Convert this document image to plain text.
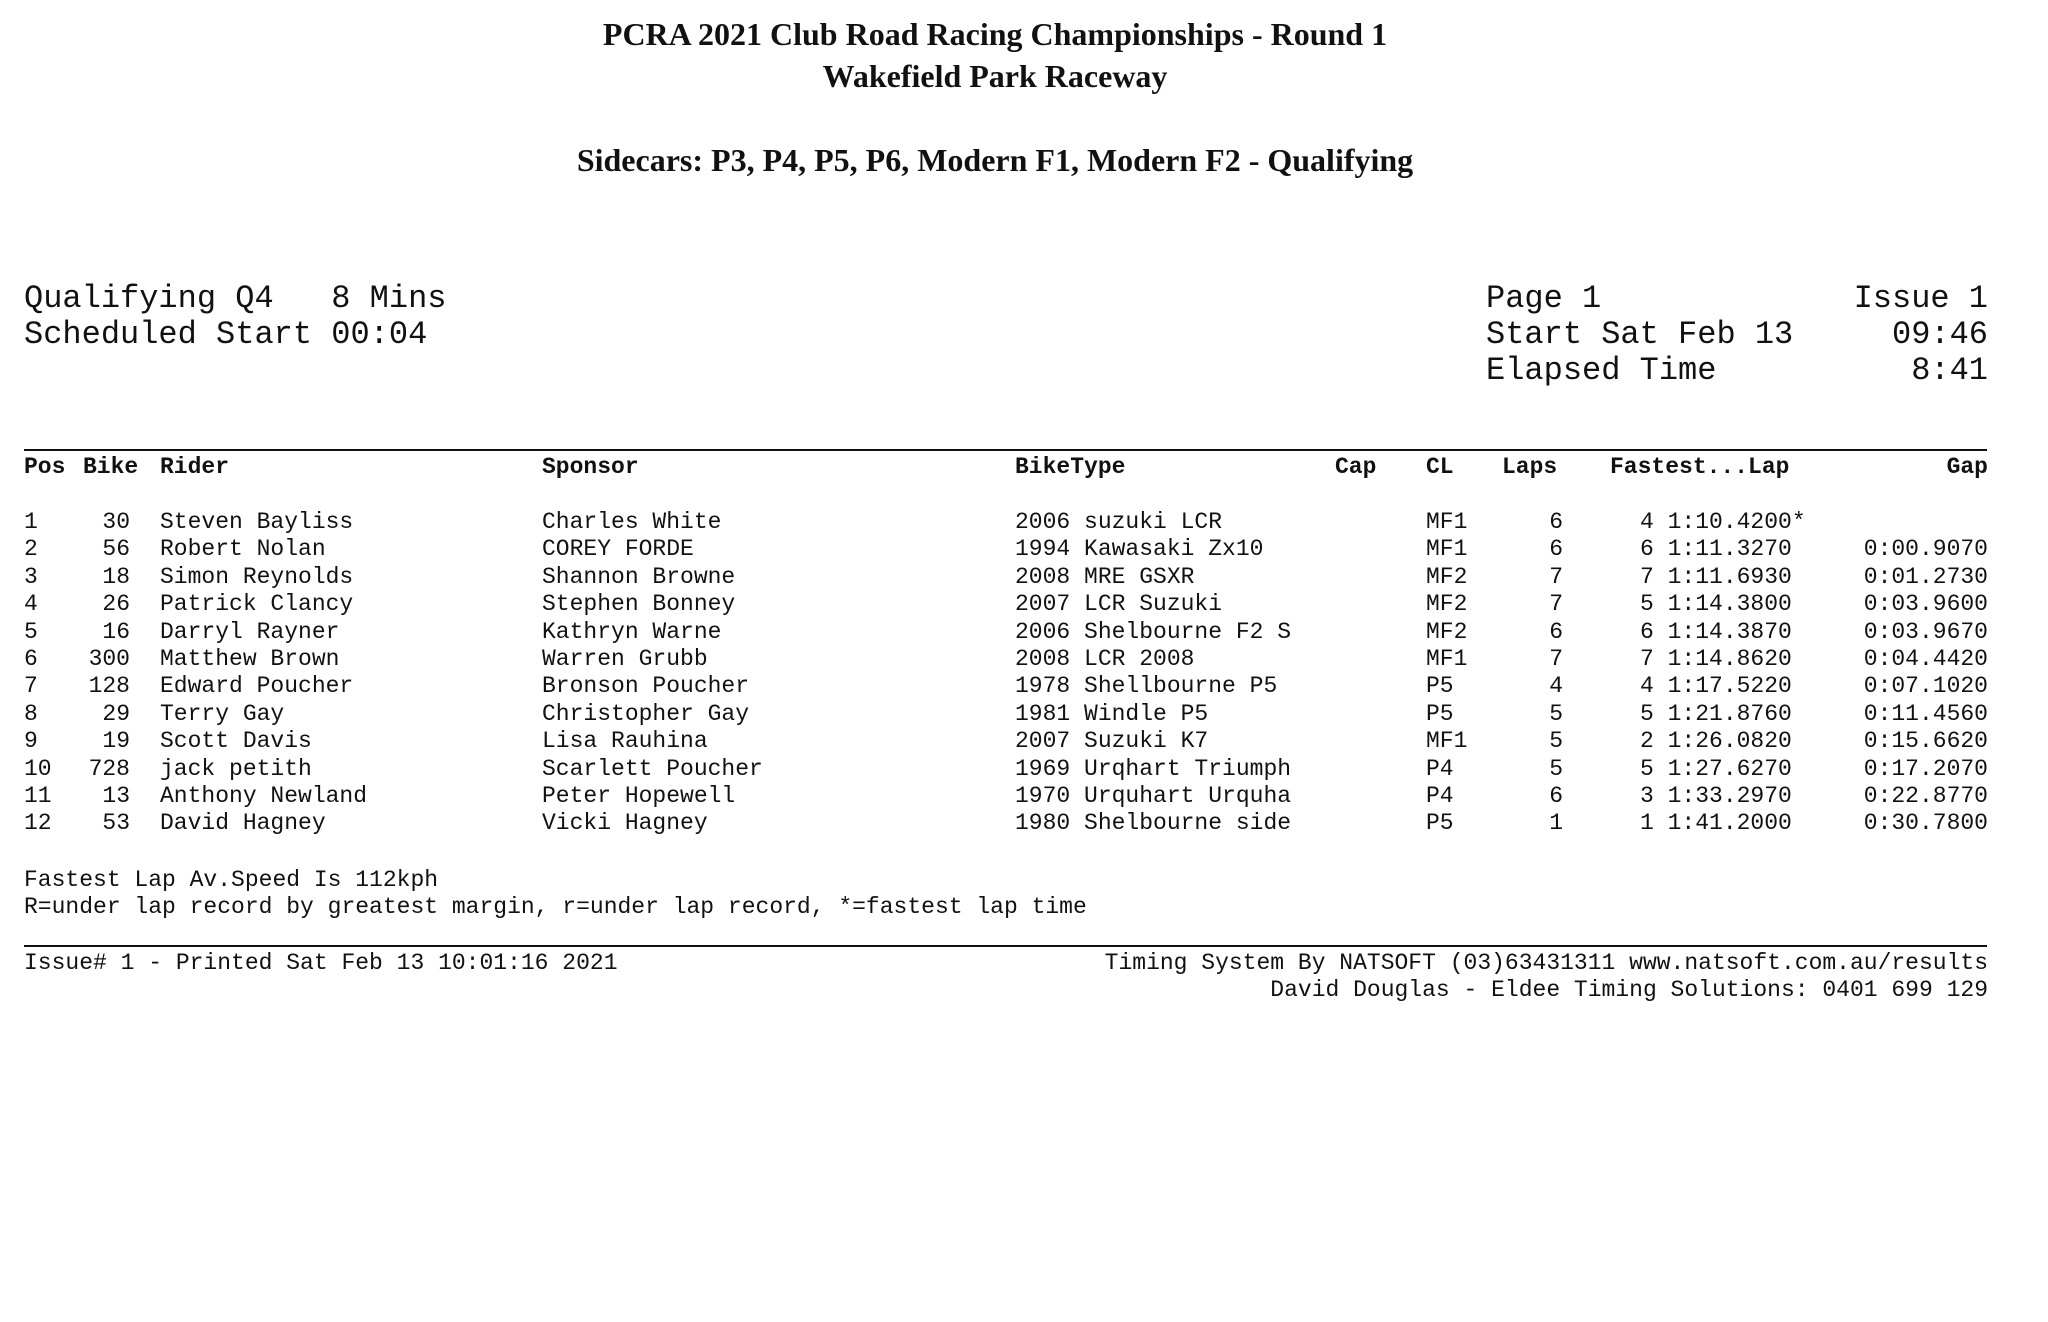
PCRA 2021 Club Road Racing Championships - Round 1
Wakefield Park Raceway
Sidecars: P3, P4, P5, P6, Modern F1, Modern F2 - Qualifying
Qualifying Q4   8 Mins
Scheduled Start 00:04
Page 1	Issue 1
Start Sat Feb 13	09:46
Elapsed Time	8:41
Pos Bike Rider	Sponsor	BikeType	Cap CL Laps Fastest...Lap	Gap
1	30 Steven Bayliss	Charles White	2006 suzuki LCR	MF1	6	4 1:10.4200*
2	56 Robert Nolan	COREY FORDE	1994 Kawasaki Zx10	MF1	6	6 1:11.3270	0:00.9070
3	18 Simon Reynolds	Shannon Browne	2008 MRE GSXR	MF2	7	7 1:11.6930	0:01.2730
4	26 Patrick Clancy	Stephen Bonney	2007 LCR Suzuki	MF2	7	5 1:14.3800	0:03.9600
5	16 Darryl Rayner	Kathryn Warne	2006 Shelbourne F2 S	MF2	6	6 1:14.3870	0:03.9670
6	300 Matthew Brown	Warren Grubb	2008 LCR 2008	MF1	7	7 1:14.8620	0:04.4420
7	128 Edward Poucher	Bronson Poucher	1978 Shellbourne P5	P5	4	4 1:17.5220	0:07.1020
8	29 Terry Gay	Christopher Gay	1981 Windle P5	P5	5	5 1:21.8760	0:11.4560
9	19 Scott Davis	Lisa Rauhina	2007 Suzuki K7	MF1	5	2 1:26.0820	0:15.6620
10	728 jack petith	Scarlett Poucher	1969 Urqhart Triumph	P4	5	5 1:27.6270	0:17.2070
11	13 Anthony Newland	Peter Hopewell	1970 Urquhart Urquha	P4	6	3 1:33.2970	0:22.8770
12	53 David Hagney	Vicki Hagney	1980 Shelbourne side	P5	1	1 1:41.2000	0:30.7800
Fastest Lap Av.Speed Is 112kph
R=under lap record by greatest margin, r=under lap record, *=fastest lap time
Issue# 1 - Printed Sat Feb 13 10:01:16 2021	Timing System By NATSOFT (03)63431311 www.natsoft.com.au/results
David Douglas - Eldee Timing Solutions: 0401 699 129
